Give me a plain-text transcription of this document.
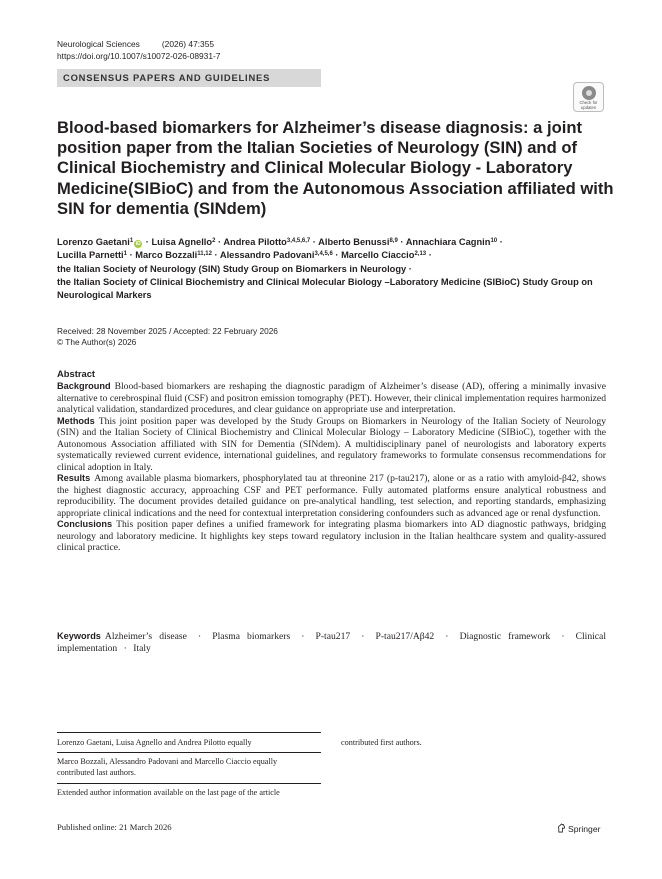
Neurological Sciences	(2026) 47:355
https://doi.org/10.1007/s10072-026-08931-7
CONSENSUS PAPERS AND GUIDELINES
Check for
updates
Blood-based biomarkers for Alzheimer’s disease diagnosis: a joint position paper from the Italian Societies of Neurology (SIN) and of Clinical Biochemistry and Clinical Molecular Biology - Laboratory Medicine(SIBioC) and from the Autonomous Association affiliated with SIN for dementia (SINdem)
Lorenzo Gaetani$^1$ iD · Luisa Agnello$^2$ · Andrea Pilotto$^{3,4,5,6,7}$ · Alberto Benussi$^{8,9}$ · Annachiara Cagnin$^{10}$ ·
Lucilla Parnetti$^1$ · Marco Bozzali$^{11,12}$ · Alessandro Padovani$^{3,4,5,6}$ · Marcello Ciaccio$^{2,13}$ ·
the Italian Society of Neurology (SIN) Study Group on Biomarkers in Neurology ·
the Italian Society of Clinical Biochemistry and Clinical Molecular Biology –Laboratory Medicine (SIBioC) Study Group on Neurological Markers
Received: 28 November 2025 / Accepted: 22 February 2026
© The Author(s) 2026
Abstract

Background Blood-based biomarkers are reshaping the diagnostic paradigm of Alzheimer’s disease (AD), offering a minimally invasive alternative to cerebrospinal fluid (CSF) and positron emission tomography (PET). However, their clinical implementation requires harmonized analytical validation, standardized procedures, and clear guidance on appropriate use and interpretation.

Methods This joint position paper was developed by the Study Groups on Biomarkers in Neurology of the Italian Society of Neurology (SIN) and the Italian Society of Clinical Biochemistry and Clinical Molecular Biology – Laboratory Medicine (SIBioC), together with the Autonomous Association affiliated with SIN for Dementia (SINdem). A multidisciplinary panel of neurologists and laboratory experts systematically reviewed current evidence, international guidelines, and regulatory frameworks to formulate consensus recommendations for clinical adoption in Italy.

Results Among available plasma biomarkers, phosphorylated tau at threonine 217 (p-tau217), alone or as a ratio with amyloid-β42, shows the highest diagnostic accuracy, approaching CSF and PET performance. Fully automated platforms ensure analytical robustness and reproducibility. The document provides detailed guidance on pre-analytical handling, test selection, and reporting standards, emphasizing appropriate clinical indications and the need for contextual interpretation considering confounders such as advanced age or renal dysfunction.

Conclusions This position paper defines a unified framework for integrating plasma biomarkers into AD diagnostic pathways, bridging neurology and laboratory medicine. It highlights key steps toward regulatory inclusion in the Italian healthcare system and quality-assured clinical practice.

Keywords Alzheimer’s disease · Plasma biomarkers · P-tau217 · P-tau217/Aβ42 · Diagnostic framework · Clinical implementation · Italy
Lorenzo Gaetani, Luisa Agnello and Andrea Pilotto equally	contributed first authors.
Marco Bozzali, Alessandro Padovani and Marcello Ciaccio equally contributed last authors.
Extended author information available on the last page of the article
Published online: 21 March 2026	Springer
